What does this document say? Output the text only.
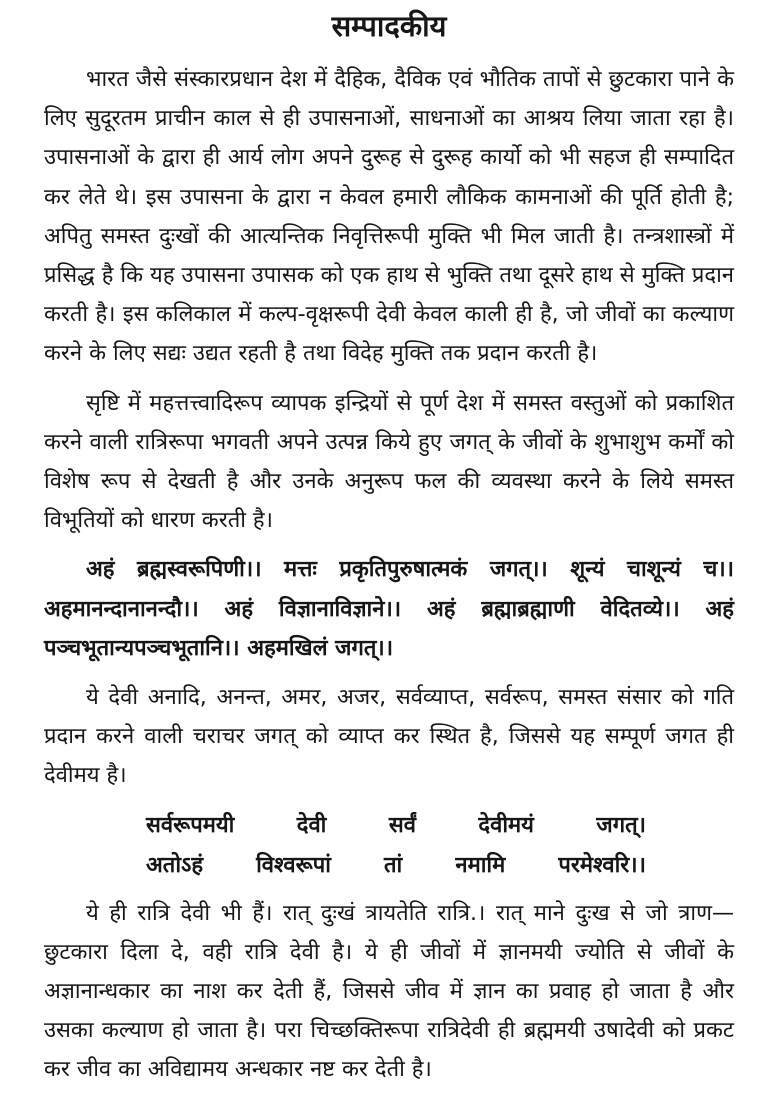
सम्पादकीय

भारत जैसे संस्कारप्रधान देश में दैहिक, दैविक एवं भौतिक तापों से छुटकारा पाने के लिए सुदूरतम प्राचीन काल से ही उपासनाओं, साधनाओं का आश्रय लिया जाता रहा है। उपासनाओं के द्वारा ही आर्य लोग अपने दुरूह से दुरूह कार्यो को भी सहज ही सम्पादित कर लेते थे। इस उपासना के द्वारा न केवल हमारी लौकिक कामनाओं की पूर्ति होती है; अपितु समस्त दुःखों की आत्यन्तिक निवृत्तिरूपी मुक्ति भी मिल जाती है। तन्त्रशास्त्रों में प्रसिद्ध है कि यह उपासना उपासक को एक हाथ से भुक्ति तथा दूसरे हाथ से मुक्ति प्रदान करती है। इस कलिकाल में कल्प-वृक्षरूपी देवी केवल काली ही है, जो जीवों का कल्याण करने के लिए सद्यः उद्यत रहती है तथा विदेह मुक्ति तक प्रदान करती है।

सृष्टि में महत्तत्त्वादिरूप व्यापक इन्द्रियों से पूर्ण देश में समस्त वस्तुओं को प्रकाशित करने वाली रात्रिरूपा भगवती अपने उत्पन्न किये हुए जगत् के जीवों के शुभाशुभ कर्मों को विशेष रूप से देखती है और उनके अनुरूप फल की व्यवस्था करने के लिये समस्त विभूतियों को धारण करती है।

अहं ब्रह्मस्वरूपिणी।। मत्तः प्रकृतिपुरुषात्मकं जगत्।। शून्यं चाशून्यं च।। अहमानन्दानानन्दौ।। अहं विज्ञानाविज्ञाने।। अहं ब्रह्माब्रह्माणी वेदितव्ये।। अहं पञ्चभूतान्यपञ्चभूतानि।। अहमखिलं जगत्।।

ये देवी अनादि, अनन्त, अमर, अजर, सर्वव्याप्त, सर्वरूप, समस्त संसार को गति प्रदान करने वाली चराचर जगत् को व्याप्त कर स्थित है, जिससे यह सम्पूर्ण जगत ही देवीमय है।

सर्वरूपमयी	देवी	सर्वं	देवीमयं	जगत्।
अतोऽहं विश्वरूपां तां नमामि परमेश्वरि।।

ये ही रात्रि देवी भी हैं। रात् दुःखं त्रायतेति रात्रि.। रात् माने दुःख से जो त्राण—छुटकारा दिला दे, वही रात्रि देवी है। ये ही जीवों में ज्ञानमयी ज्योति से जीवों के अज्ञानान्धकार का नाश कर देती हैं, जिससे जीव में ज्ञान का प्रवाह हो जाता है और उसका कल्याण हो जाता है। परा चिच्छक्तिरूपा रात्रिदेवी ही ब्रह्ममयी उषादेवी को प्रकट कर जीव का अविद्यामय अन्धकार नष्ट कर देती है।
